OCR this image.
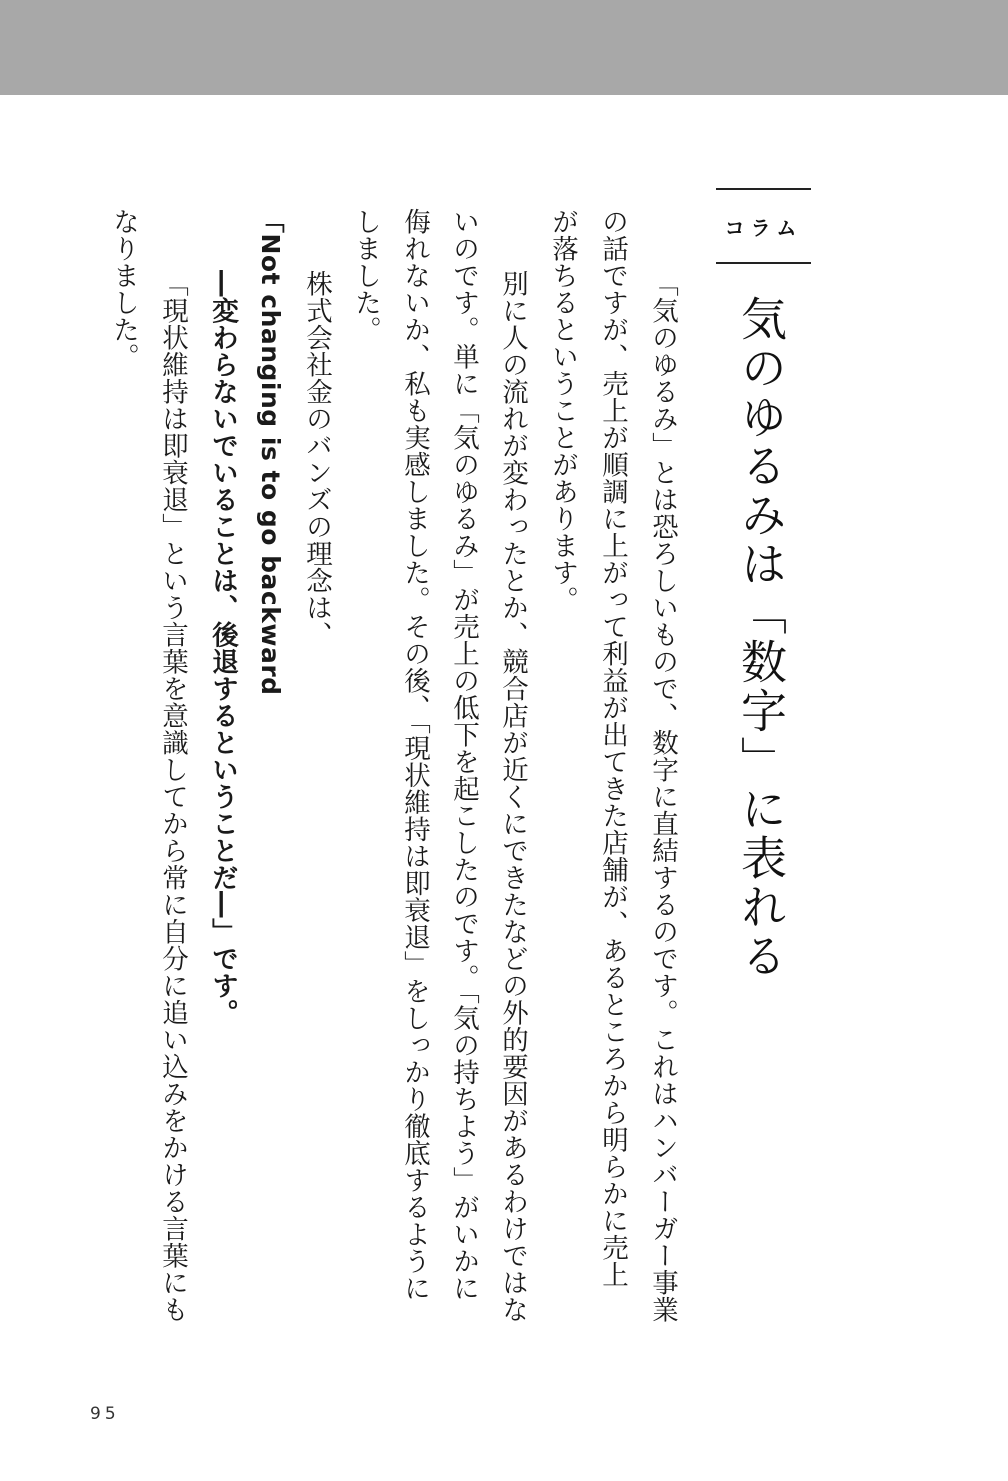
コラム
気のゆるみは「数字」に表れる
「気のゆるみ」とは恐ろしいもので、数字に直結するのです。これはハンバーガー事業
の話ですが、売上が順調に上がって利益が出てきた店舗が、あるところから明らかに売上
が落ちるということがあります。
別に人の流れが変わったとか、競合店が近くにできたなどの外的要因があるわけではな
いのです。単に「気のゆるみ」が売上の低下を起こしたのです。「気の持ちよう」がいかに
侮れないか、私も実感しました。その後、「現状維持は即衰退」をしっかり徹底するように
しました。
株式会社金のバンズの理念は、
「Not changing is to go backward
―変わらないでいることは、後退するということだ―」です。
「現状維持は即衰退」という言葉を意識してから常に自分に追い込みをかける言葉にも
なりました。
95
